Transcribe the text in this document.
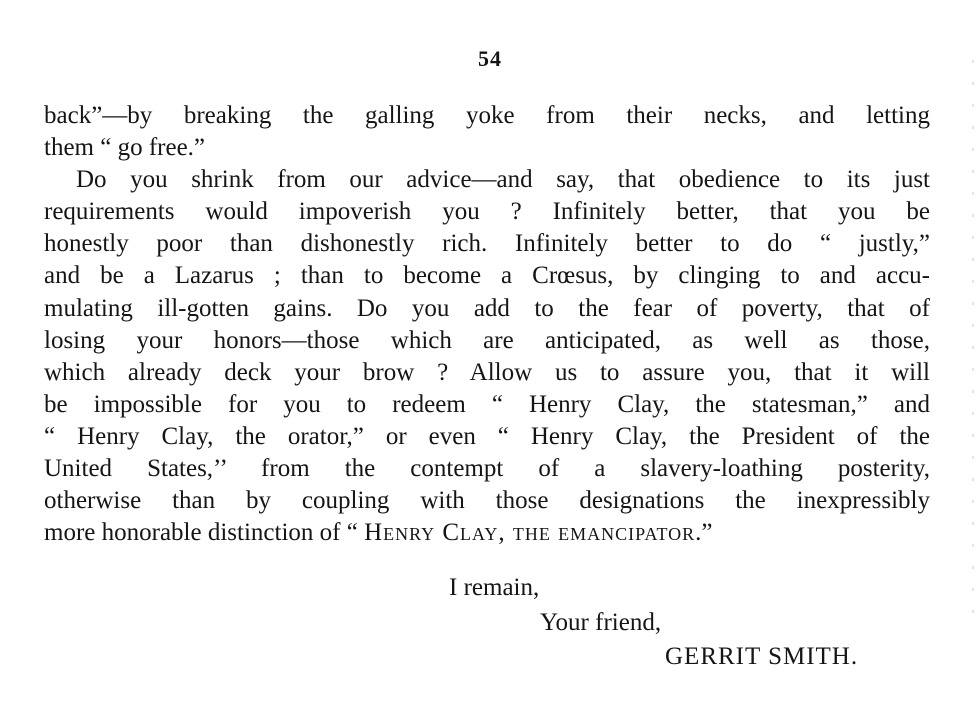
54
back”—by breaking the galling yoke from their necks, and letting
them “ go free.”
Do you shrink from our advice—and say, that obedience to its just
requirements would impoverish you ? Infinitely better, that you be
honestly poor than dishonestly rich. Infinitely better to do “ justly,”
and be a Lazarus ; than to become a Crœsus, by clinging to and accu-
mulating ill-gotten gains. Do you add to the fear of poverty, that of
losing your honors—those which are anticipated, as well as those,
which already deck your brow ? Allow us to assure you, that it will
be impossible for you to redeem “ Henry Clay, the statesman,” and
“ Henry Clay, the orator,” or even “ Henry Clay, the President of the
United States,’’ from the contempt of a slavery-loathing posterity,
otherwise than by coupling with those designations the inexpressibly
more honorable distinction of “ Henry Clay, the emancipator.”
I remain,
Your friend,
GERRIT SMITH.
